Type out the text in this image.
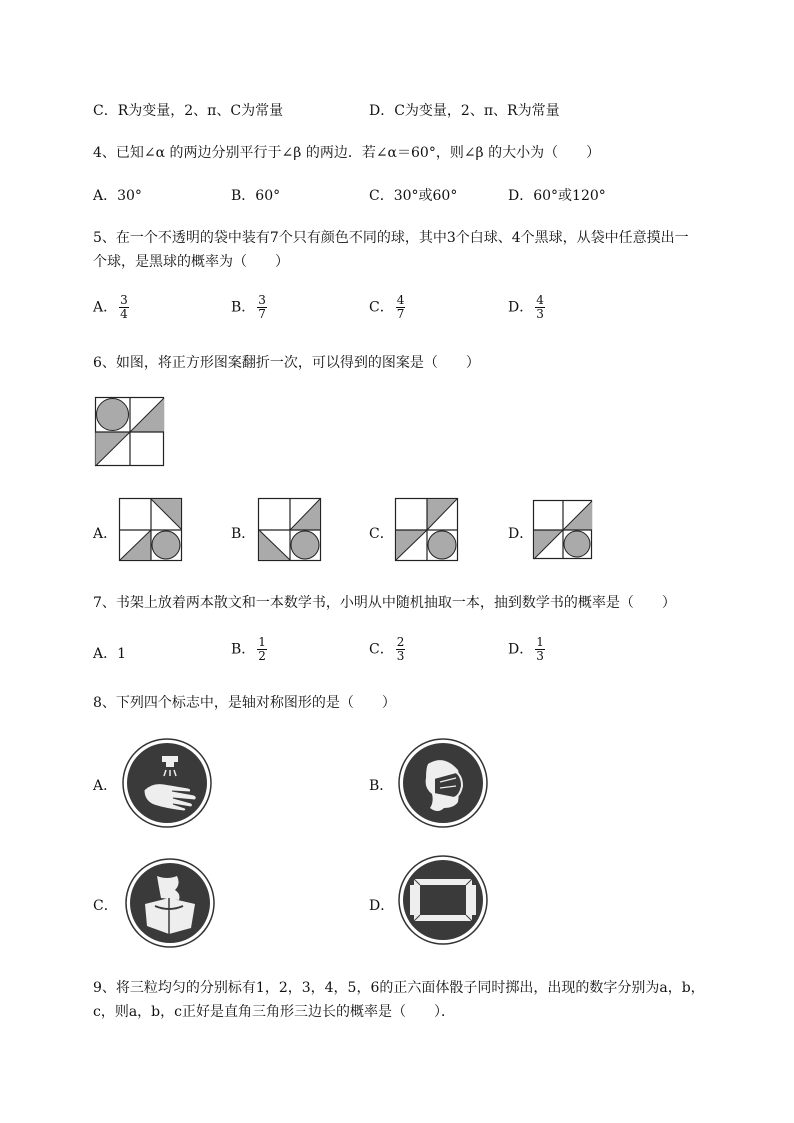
C．R为变量，2、π、C为常量	D．C为变量，2、π、R为常量
4、已知∠α 的两边分别平行于∠β 的两边．若∠α＝60°，则∠β 的大小为（　　）
A．30°	B．60°	C．30°或60°	D．60°或120°
5、在一个不透明的袋中装有7个只有颜色不同的球，其中3个白球、4个黑球，从袋中任意摸出一
个球，是黑球的概率为（　　）
A． $\frac{3}{4}$	B． $\frac{3}{7}$	C． $\frac{4}{7}$	D． $\frac{4}{3}$
6、如图，将正方形图案翻折一次，可以得到的图案是（　　）
A．	B．	C．	D．
7、书架上放着两本散文和一本数学书，小明从中随机抽取一本，抽到数学书的概率是（　　）
A．1	B． $\frac{1}{2}$	C． $\frac{2}{3}$	D． $\frac{1}{3}$
8、下列四个标志中，是轴对称图形的是（　　）
A．	B．
C．	D．
9、将三粒均匀的分别标有1，2，3，4，5，6的正六面体骰子同时掷出，出现的数字分别为a，b，
c，则a，b，c正好是直角三角形三边长的概率是（　　）．
